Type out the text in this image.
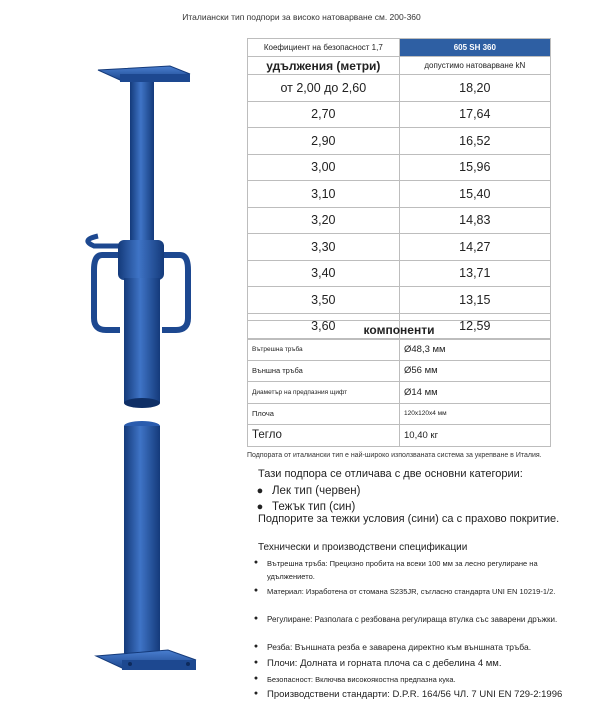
Италиански тип подпори за високо натоварване см. 200-360
Коефициент на безопасност 1,7	605 SH 360
удължения (метри)	допустимо натоварване kN
от 2,00 до 2,60	18,20
2,70	17,64
2,90	16,52
3,00	15,96
3,10	15,40
3,20	14,83
3,30	14,27
3,40	13,71
3,50	13,15
3,60	12,59
компоненти	
Вътрешна тръба	Ø48,3 мм
Външна тръба	Ø56 мм
Диаметър на предпазния щифт	Ø14 мм
Плоча	120x120x4 мм
Тегло	10,40 кг
Подпората от италиански тип е най-широко използваната система за укрепване в Италия.
Тази подпора се отличава с две основни категории:
● Лек тип (червен)
● Тежък тип (син)
Подпорите за тежки условия (сини) са с прахово покритие.
Технически и производствени спецификации
●	Вътрешна тръба: Прецизно пробита на всеки 100 мм за лесно регулиране на удължението.
●	Материал: Изработена от стомана S235JR, съгласно стандарта UNI EN 10219-1/2.
●	Регулиране: Разполага с резбована регулираща втулка със заварени дръжки.
●	Резба: Външната резба е заварена директно към външната тръба.
● Плочи: Долната и горната плоча са с дебелина 4 мм.
●	Безопасност: Включва високоякостна предпазна кука.
● Производствени стандарти: D.P.R. 164/56 ЧЛ. 7 UNI EN 729-2:1996
